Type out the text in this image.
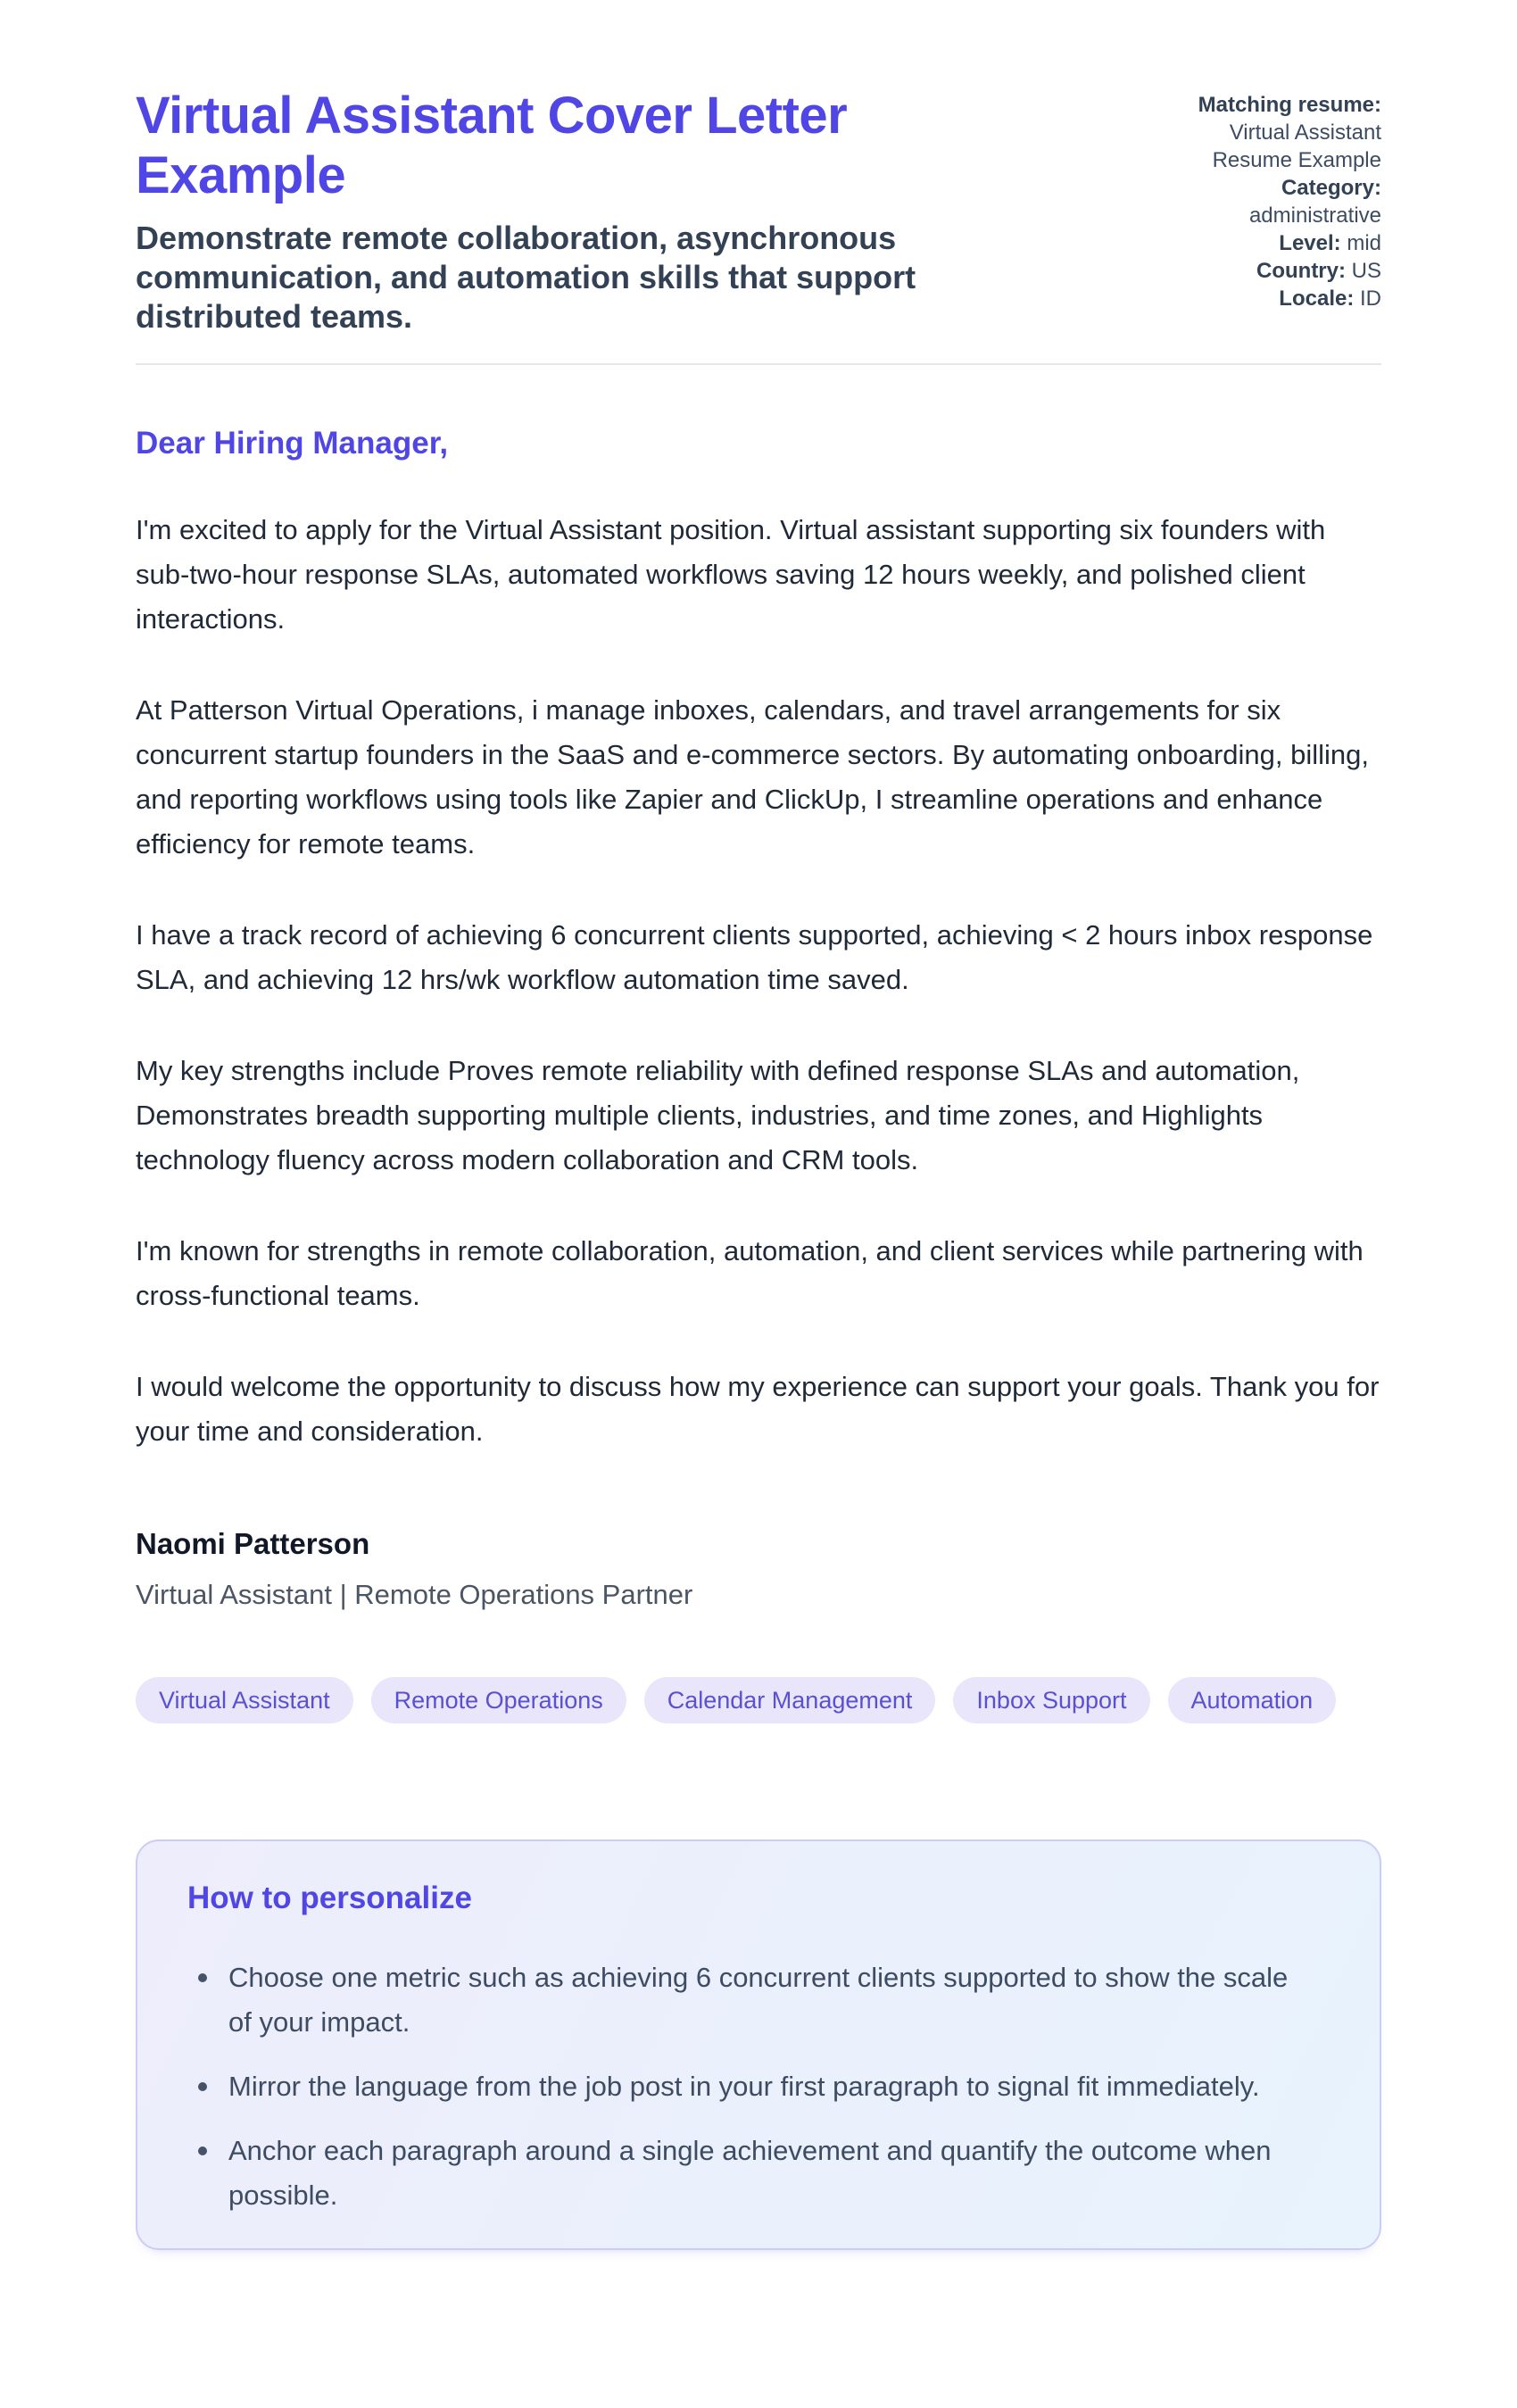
Virtual Assistant Cover Letter Example
Demonstrate remote collaboration, asynchronous communication, and automation skills that support distributed teams.
Matching resume:
Virtual Assistant Resume Example
Category:
administrative
Level: mid
Country: US
Locale: ID
Dear Hiring Manager,

I'm excited to apply for the Virtual Assistant position. Virtual assistant supporting six founders with sub-two-hour response SLAs, automated workflows saving 12 hours weekly, and polished client interactions.

At Patterson Virtual Operations, i manage inboxes, calendars, and travel arrangements for six concurrent startup founders in the SaaS and e-commerce sectors. By automating onboarding, billing, and reporting workflows using tools like Zapier and ClickUp, I streamline operations and enhance efficiency for remote teams.

I have a track record of achieving 6 concurrent clients supported, achieving < 2 hours inbox response SLA, and achieving 12 hrs/wk workflow automation time saved.

My key strengths include Proves remote reliability with defined response SLAs and automation, Demonstrates breadth supporting multiple clients, industries, and time zones, and Highlights technology fluency across modern collaboration and CRM tools.

I'm known for strengths in remote collaboration, automation, and client services while partnering with cross-functional teams.

I would welcome the opportunity to discuss how my experience can support your goals. Thank you for your time and consideration.

Naomi Patterson
Virtual Assistant | Remote Operations Partner
Virtual Assistant	Remote Operations	Calendar Management	Inbox Support	Automation
How to personalize
Choose one metric such as achieving 6 concurrent clients supported to show the scale of your impact.
Mirror the language from the job post in your first paragraph to signal fit immediately.
Anchor each paragraph around a single achievement and quantify the outcome when possible.
